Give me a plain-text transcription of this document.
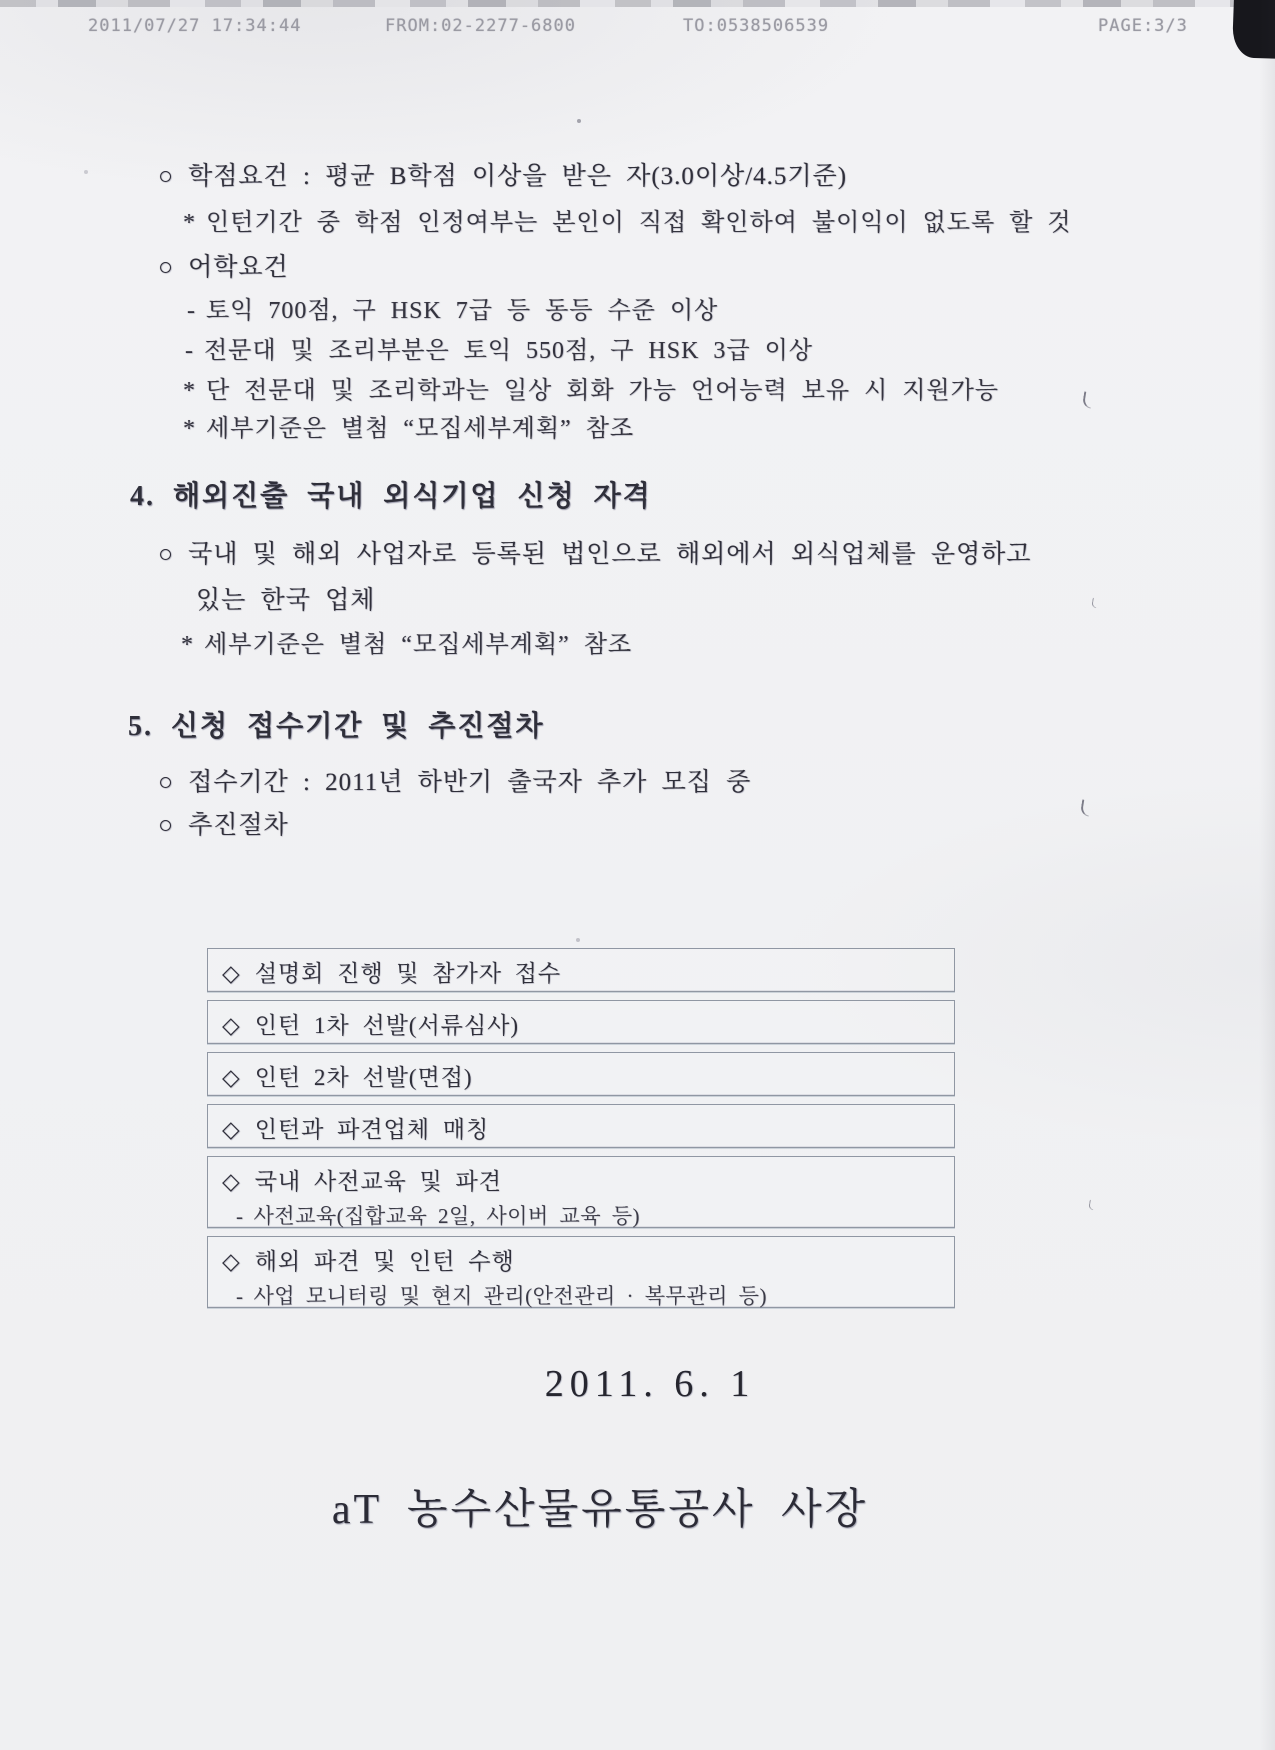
2011/07/27 17:34:44	FROM:02-2277-6800	TO:0538506539	PAGE:3/3
○ 학점요건 : 평균 B학점 이상을 받은 자(3.0이상/4.5기준)
* 인턴기간 중 학점 인정여부는 본인이 직접 확인하여 불이익이 없도록 할 것
○ 어학요건
- 토익 700점, 구 HSK 7급 등 동등 수준 이상
- 전문대 및 조리부분은 토익 550점, 구 HSK 3급 이상
* 단 전문대 및 조리학과는 일상 회화 가능 언어능력 보유 시 지원가능
* 세부기준은 별첨 “모집세부계획” 참조
4. 해외진출 국내 외식기업 신청 자격
○ 국내 및 해외 사업자로 등록된 법인으로 해외에서 외식업체를 운영하고
있는 한국 업체
* 세부기준은 별첨 “모집세부계획” 참조
5. 신청 접수기간 및 추진절차
○ 접수기간 : 2011년 하반기 출국자 추가 모집 중
○ 추진절차
◇ 설명회 진행 및 참가자 접수
◇ 인턴 1차 선발(서류심사)
◇ 인턴 2차 선발(면접)
◇ 인턴과 파견업체 매칭
◇ 국내 사전교육 및 파견
- 사전교육(집합교육 2일, 사이버 교육 등)
◇ 해외 파견 및 인턴 수행
- 사업 모니터링 및 현지 관리(안전관리 · 복무관리 등)
2011. 6. 1
aT 농수산물유통공사 사장
